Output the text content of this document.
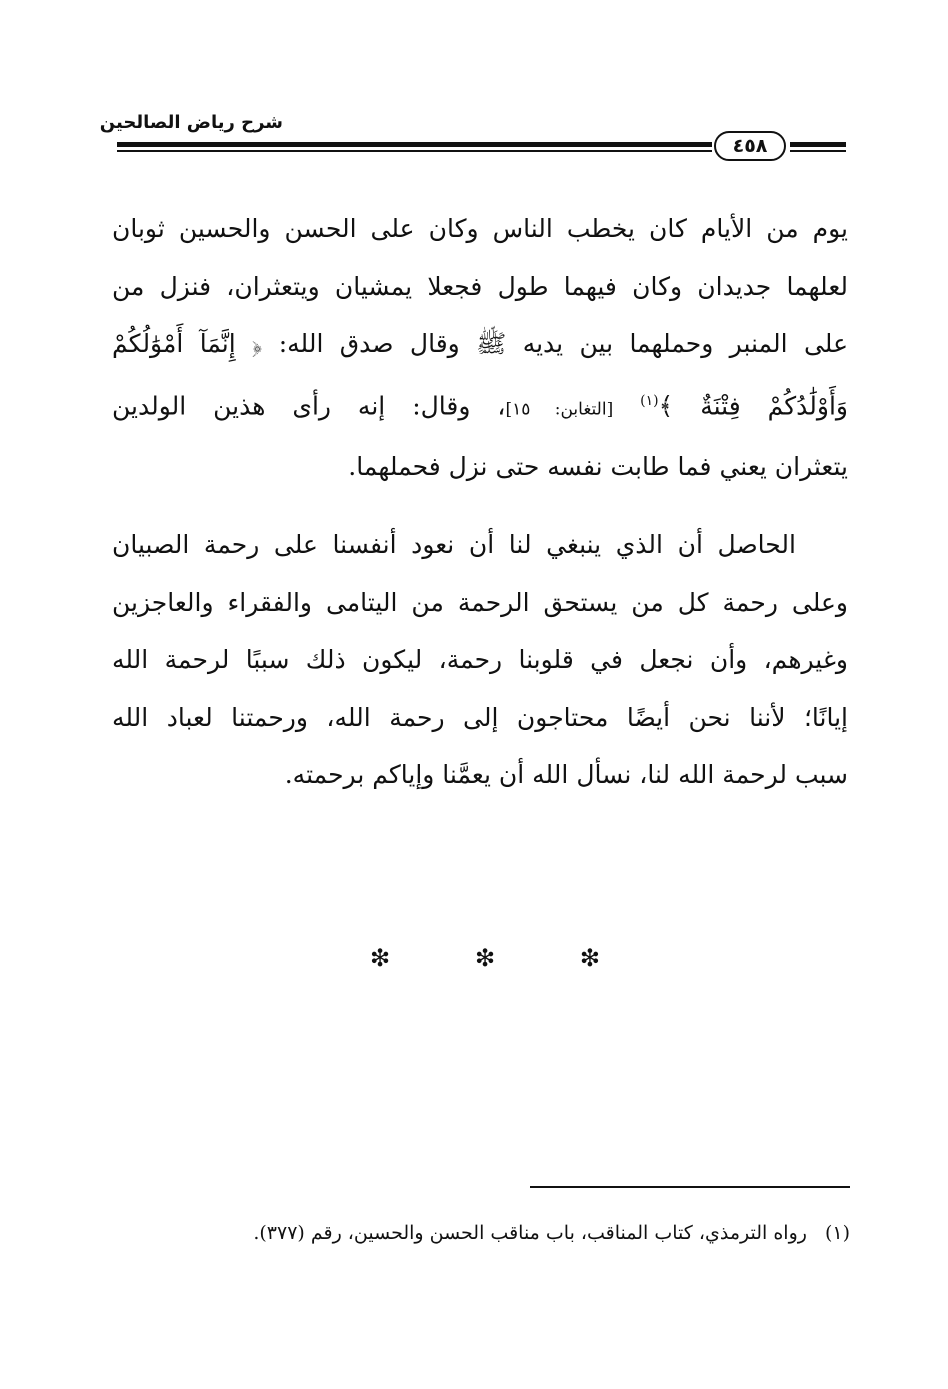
شرح رياض الصالحين
٤٥٨
يوم من الأيام كان يخطب الناس وكان على الحسن والحسين ثوبان
لعلهما جديدان وكان فيهما طول فجعلا يمشيان ويتعثران، فنزل من
على المنبر وحملهما بين يديه ﷺ وقال صدق الله: ﴿ إِنَّمَآ أَمْوَٰلُكُمْ
وَأَوْلَٰدُكُمْ فِتْنَةٌ ﴾$^{(١)}$ [التغابن: ١٥]، وقال: إنه رأى هذين الولدين
يتعثران يعني فما طابت نفسه حتى نزل فحملهما.
الحاصل أن الذي ينبغي لنا أن نعود أنفسنا على رحمة الصبيان
وعلى رحمة كل من يستحق الرحمة من اليتامى والفقراء والعاجزين
وغيرهم، وأن نجعل في قلوبنا رحمة، ليكون ذلك سببًا لرحمة الله
إيانًا؛ لأننا نحن أيضًا محتاجون إلى رحمة الله، ورحمتنا لعباد الله
سبب لرحمة الله لنا، نسأل الله أن يعمَّنا وإياكم برحمته.
❇	❇	❇
(١)رواه الترمذي، كتاب المناقب، باب مناقب الحسن والحسين، رقم (٣٧٧).
